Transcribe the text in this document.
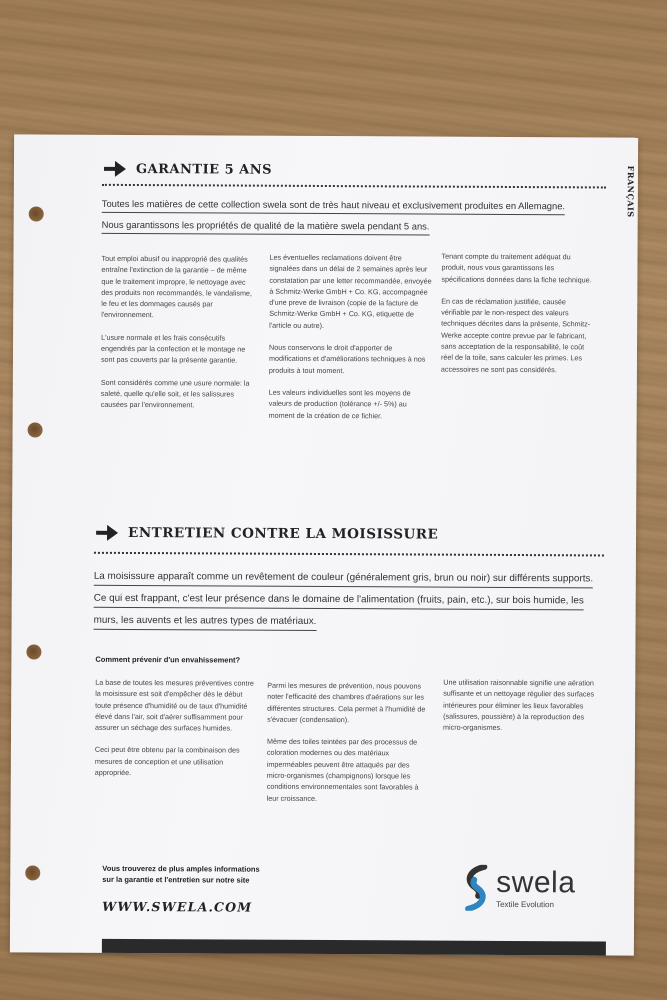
FRANÇAIS
GARANTIE 5 ANS
Toutes les matières de cette collection swela sont de très haut niveau et exclusivement produites en Allemagne.
Nous garantissons les propriétés de qualité de la matière swela pendant 5 ans.

Tout emploi abusif ou inapproprié des qualités entraîne l'extinction de la garantie – de même que le traitement impropre, le nettoyage avec des produits non recommandés, le vandalisme, le feu et les dommages causés par l'environnement.

L'usure normale et les frais consécutifs engendrés par la confection et le montage ne sont pas couverts par la présente garantie.

Sont considérés comme une usure normale: la saleté, quelle qu'elle soit, et les salissures causées par l'environnement.

Les éventuelles reclamations doivent être signalées dans un délai de 2 semaines après leur constatation par une letter recommandée, envoyée à Schmitz-Werke GmbH + Co. KG, accompagnée d'une preve de livraison (copie de la facture de Schmitz-Werke GmbH + Co. KG, etiquette de l'article ou autre).

Nous conservons le droit d'apporter de modifications et d'améliorations techniques à nos produits à tout moment.

Les valeurs individuelles sont les moyens de valeurs de production (tolérance +/- 5%) au moment de la création de ce fichier.

Tenant compte du traitement adéquat du produit, nous vous garantissons les spécifications données dans la fiche technique.

En cas de réclamation justifiée, causée vérifiable par le non-respect des valeurs techniques décrites dans la présente, Schmitz-Werke accepte contre prevue par le fabricant, sans acceptation de la responsabilité, le coût réel de la toile, sans calculer les primes. Les accessoires ne sont pas considérés.

ENTRETIEN CONTRE LA MOISISSURE
La moisissure apparaît comme un revêtement de couleur (généralement gris, brun ou noir) sur différents supports.
Ce qui est frappant, c'est leur présence dans le domaine de l'alimentation (fruits, pain, etc.), sur bois humide, les
murs, les auvents et les autres types de matériaux.
Comment prévenir d'un envahissement?

La base de toutes les mesures préventives contre la moisissure est soit d'empêcher dès le début toute présence d'humidité ou de taux d'humidité élevé dans l'air, soit d'aérer suffisamment pour assurer un séchage des surfaces humides.

Ceci peut être obtenu par la combinaison des mesures de conception et une utilisation appropriée.

Parmi les mesures de prévention, nous pouvons noter l'efficacité des chambres d'aérations sur les différentes structures. Cela permet à l'humidité de s'évacuer (condensation).

Même des toiles teintées par des processus de coloration modernes ou des matériaux imperméables peuvent être attaqués par des micro-organismes (champignons) lorsque les conditions environnementales sont favorables à leur croissance.

Une utilisation raisonnable signifie une aération suffisante et un nettoyage régulier des surfaces intérieures pour éliminer les lieux favorables (salissures, poussière) à la reproduction des micro-organismes.

Vous trouverez de plus amples informations
sur la garantie et l'entretien sur notre site
WWW.SWELA.COM
swela
Textile Evolution
